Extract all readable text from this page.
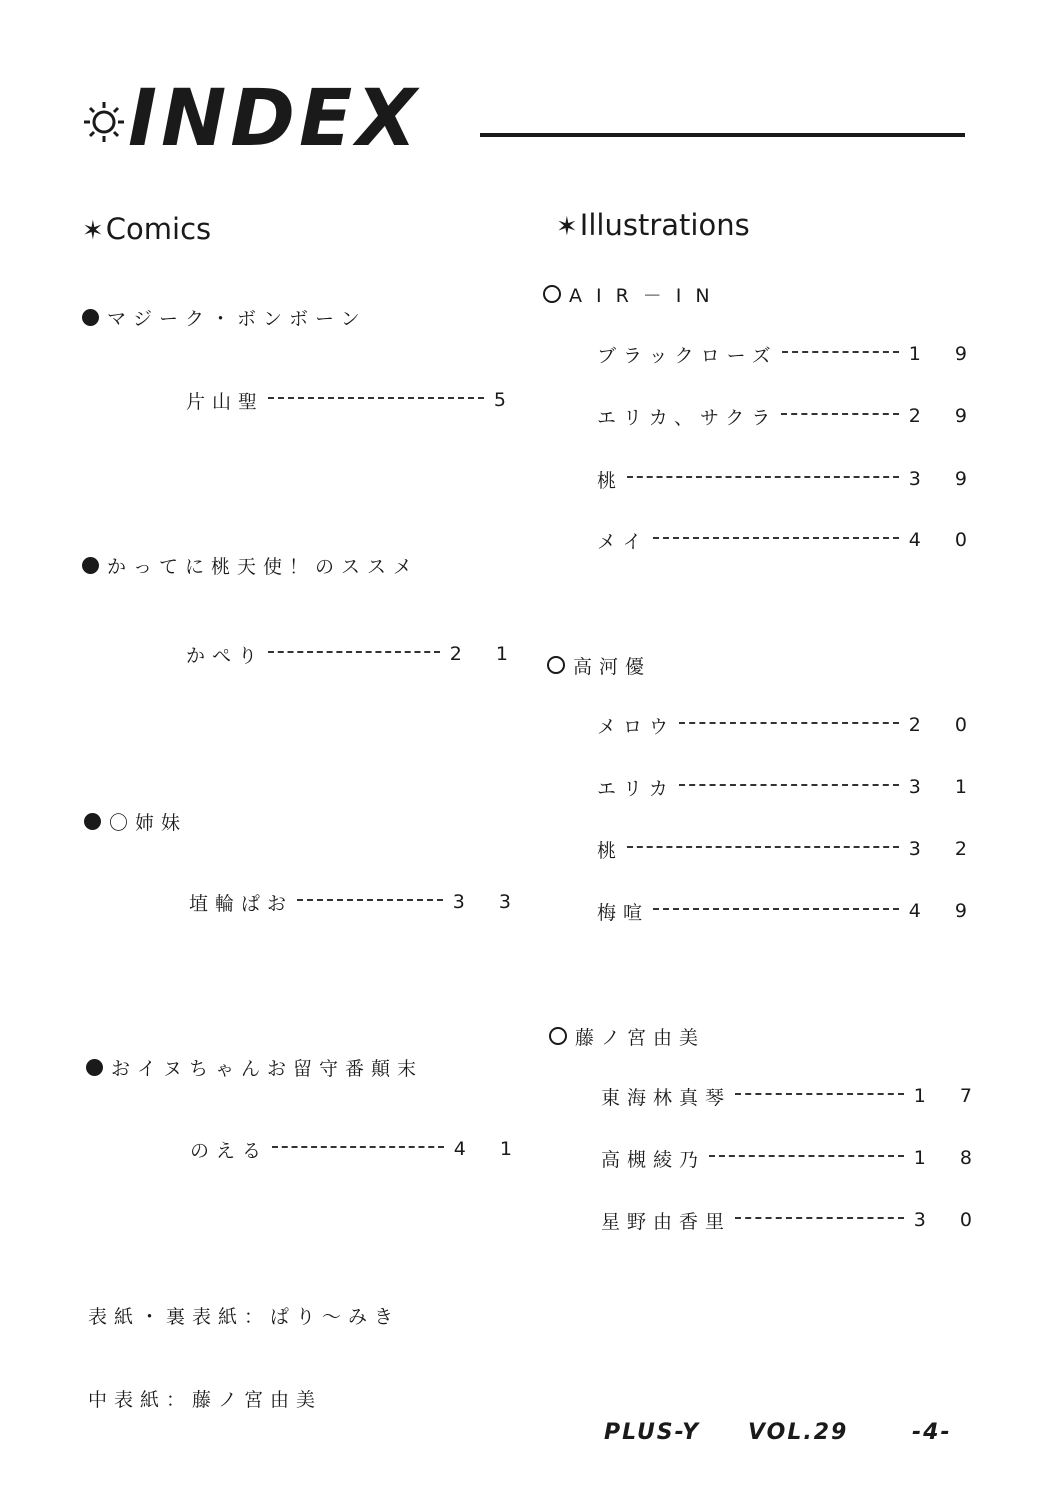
INDEX
✶Comics
マジーク・ボンボーン
片山聖	5
かってに桃天使！のススメ
かぺり	2 1
〇姉妹
埴輪ぱお	3 3
おイヌちゃんお留守番顛末
のえる	4 1
✶Illustrations
AIR－IN
ブラックローズ	1 9
エリカ、サクラ	2 9
桃	3 9
メイ	4 0
高河優
メロウ	2 0
エリカ	3 1
桃	3 2
梅喧	4 9
藤ノ宮由美
東海林真琴	1 7
高槻綾乃	1 8
星野由香里	3 0
表紙・裏表紙：ぱり～みき
中表紙：藤ノ宮由美
PLUS-Y VOL.29	-4-
